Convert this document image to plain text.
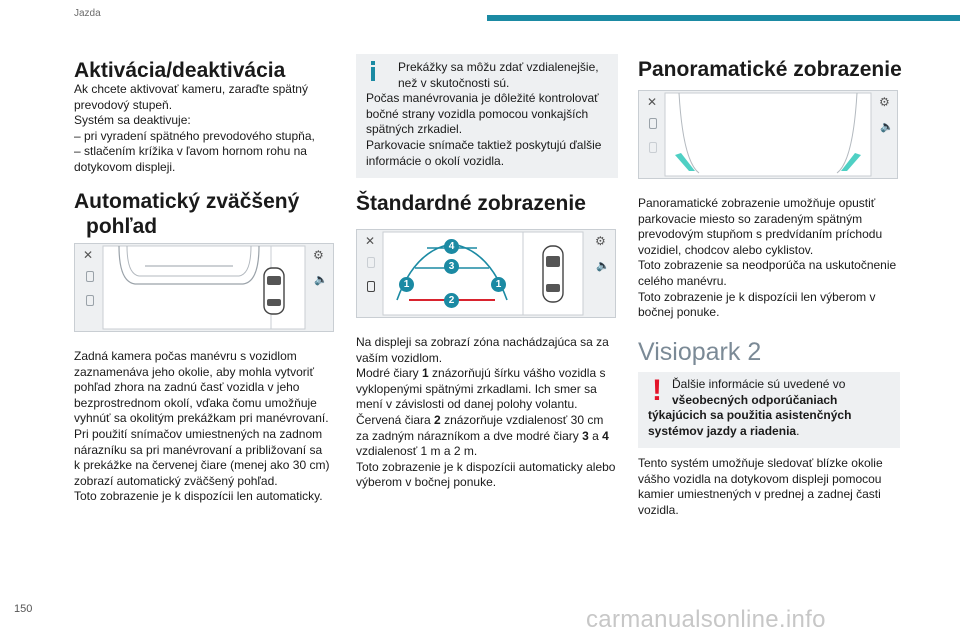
Jazda
Aktivácia/deaktivácia

Ak chcete aktivovať kameru, zaraďte spätný

prevodový stupeň.

Systém sa deaktivuje:

– pri vyradení spätného prevodového stupňa,

– stlačením krížika v ľavom hornom rohu na

dotykovom displeji.

Automatický zväčšený
pohľad
✕	⚙
🔈

Zadná kamera počas manévru s vozidlom

zaznamenáva jeho okolie, aby mohla vytvoriť

pohľad zhora na zadnú časť vozidla v jeho

bezprostrednom okolí, vďaka čomu umožňuje

vyhnúť sa okolitým prekážkam pri manévrovaní.

Pri použití snímačov umiestnených na zadnom

nárazníku sa pri manévrovaní a približovaní sa

k prekážke na červenej čiare (menej ako 30 cm)

zobrazí automatický zväčšený pohľad.

Toto zobrazenie je k dispozícii len automaticky.

Prekážky sa môžu zdať vzdialenejšie,

než v skutočnosti sú.

Počas manévrovania je dôležité kontrolovať

bočné strany vozidla pomocou vonkajších

spätných zrkadiel.

Parkovacie snímače taktiež poskytujú ďalšie

informácie o okolí vozidla.

Štandardné zobrazenie
4
3
1	1
2
✕	⚙
🔈

Na displeji sa zobrazí zóna nachádzajúca sa za

vaším vozidlom.

Modré čiary 1 znázorňujú šírku vášho vozidla s

vyklopenými spätnými zrkadlami. Ich smer sa

mení v závislosti od danej polohy volantu.

Červená čiara 2 znázorňuje vzdialenosť 30 cm

za zadným nárazníkom a dve modré čiary 3 a 4

vzdialenosť 1 m a 2 m.

Toto zobrazenie je k dispozícii automaticky alebo

výberom v bočnej ponuke.

Panoramatické zobrazenie
✕	⚙
🔈

Panoramatické zobrazenie umožňuje opustiť

parkovacie miesto so zaradeným spätným

prevodovým stupňom s predvídaním príchodu

vozidiel, chodcov alebo cyklistov.

Toto zobrazenie sa neodporúča na uskutočnenie

celého manévru.

Toto zobrazenie je k dispozícii len výberom v

bočnej ponuke.

Visiopark 2
! Ďalšie informácie sú uvedené vo

všeobecných odporúčaniach

týkajúcich sa použitia asistenčných

systémov jazdy a riadenia.

Tento systém umožňuje sledovať blízke okolie

vášho vozidla na dotykovom displeji pomocou

kamier umiestnených v prednej a zadnej časti

vozidla.

150	carmanualsonline.info
